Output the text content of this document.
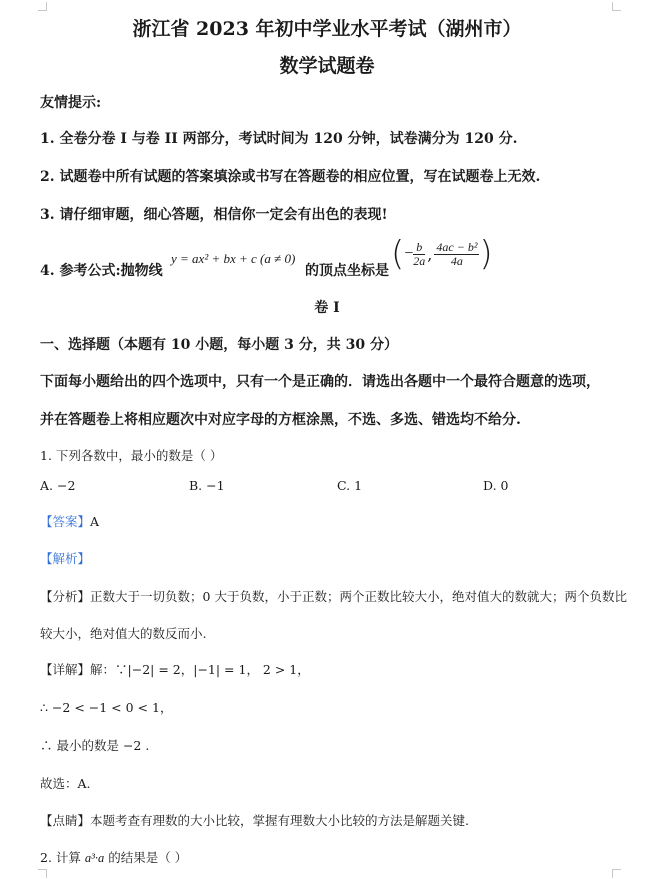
浙江省 2023 年初中学业水平考试（湖州市）
数学试题卷
友情提示:
1. 全卷分卷 I 与卷 II 两部分，考试时间为 120 分钟，试卷满分为 120 分.
2. 试题卷中所有试题的答案填涂或书写在答题卷的相应位置，写在试题卷上无效.
3. 请仔细审题，细心答题，相信你一定会有出色的表现!
4. 参考公式:抛物线
y = ax² + bx + c (a ≠ 0)
的顶点坐标是 (− $\frac{b}{2a}$ , $\frac{\text{4ac − b²}}{4a}$ )
卷 I
一、选择题（本题有 10 小题，每小题 3 分，共 30 分）
下面每小题给出的四个选项中，只有一个是正确的．请选出各题中一个最符合题意的选项，
并在答题卷上将相应题次中对应字母的方框涂黑，不选、多选、错选均不给分.
1. 下列各数中，最小的数是（ ）
A. −2	B. −1	C. 1	D. 0
【答案】A
【解析】
【分析】正数大于一切负数；0 大于负数，小于正数；两个正数比较大小，绝对值大的数就大；两个负数比
较大小，绝对值大的数反而小.
【详解】解：∵|−2| = 2，|−1| = 1， 2 > 1，
∴ −2 < −1 < 0 < 1，
∴ 最小的数是 −2 .
故选：A.
【点睛】本题考查有理数的大小比较，掌握有理数大小比较的方法是解题关键.
2. 计算 a³·a 的结果是（ ）
